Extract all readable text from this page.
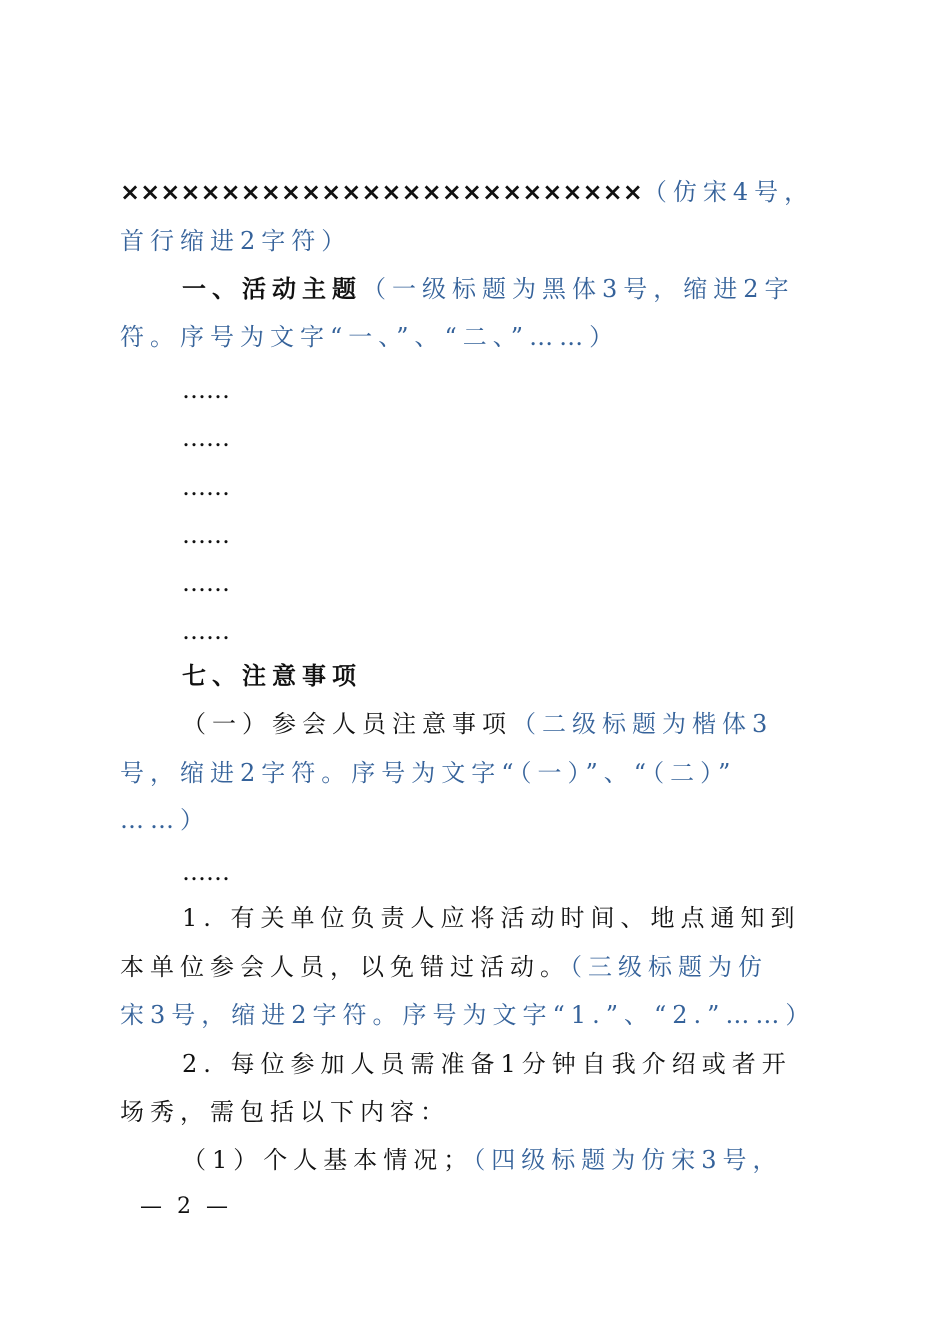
××××××××××××××××××××××××××（仿宋4号，
首行缩进2字符）
一、活动主题（一级标题为黑体3号，缩进2字
符。序号为文字“一、”、“二、”……）
……
……
……
……
……
……
七、注意事项
（一）参会人员注意事项（二级标题为楷体3
号，缩进2字符。序号为文字“（一）”、“（二）”
……）
……
1. 有关单位负责人应将活动时间、地点通知到
本单位参会人员，以免错过活动。（三级标题为仿
宋3号，缩进2字符。序号为文字“1.”、“2.”……）
2. 每位参加人员需准备1分钟自我介绍或者开
场秀，需包括以下内容：
（1）个人基本情况；（四级标题为仿宋3号，
— 2 —
